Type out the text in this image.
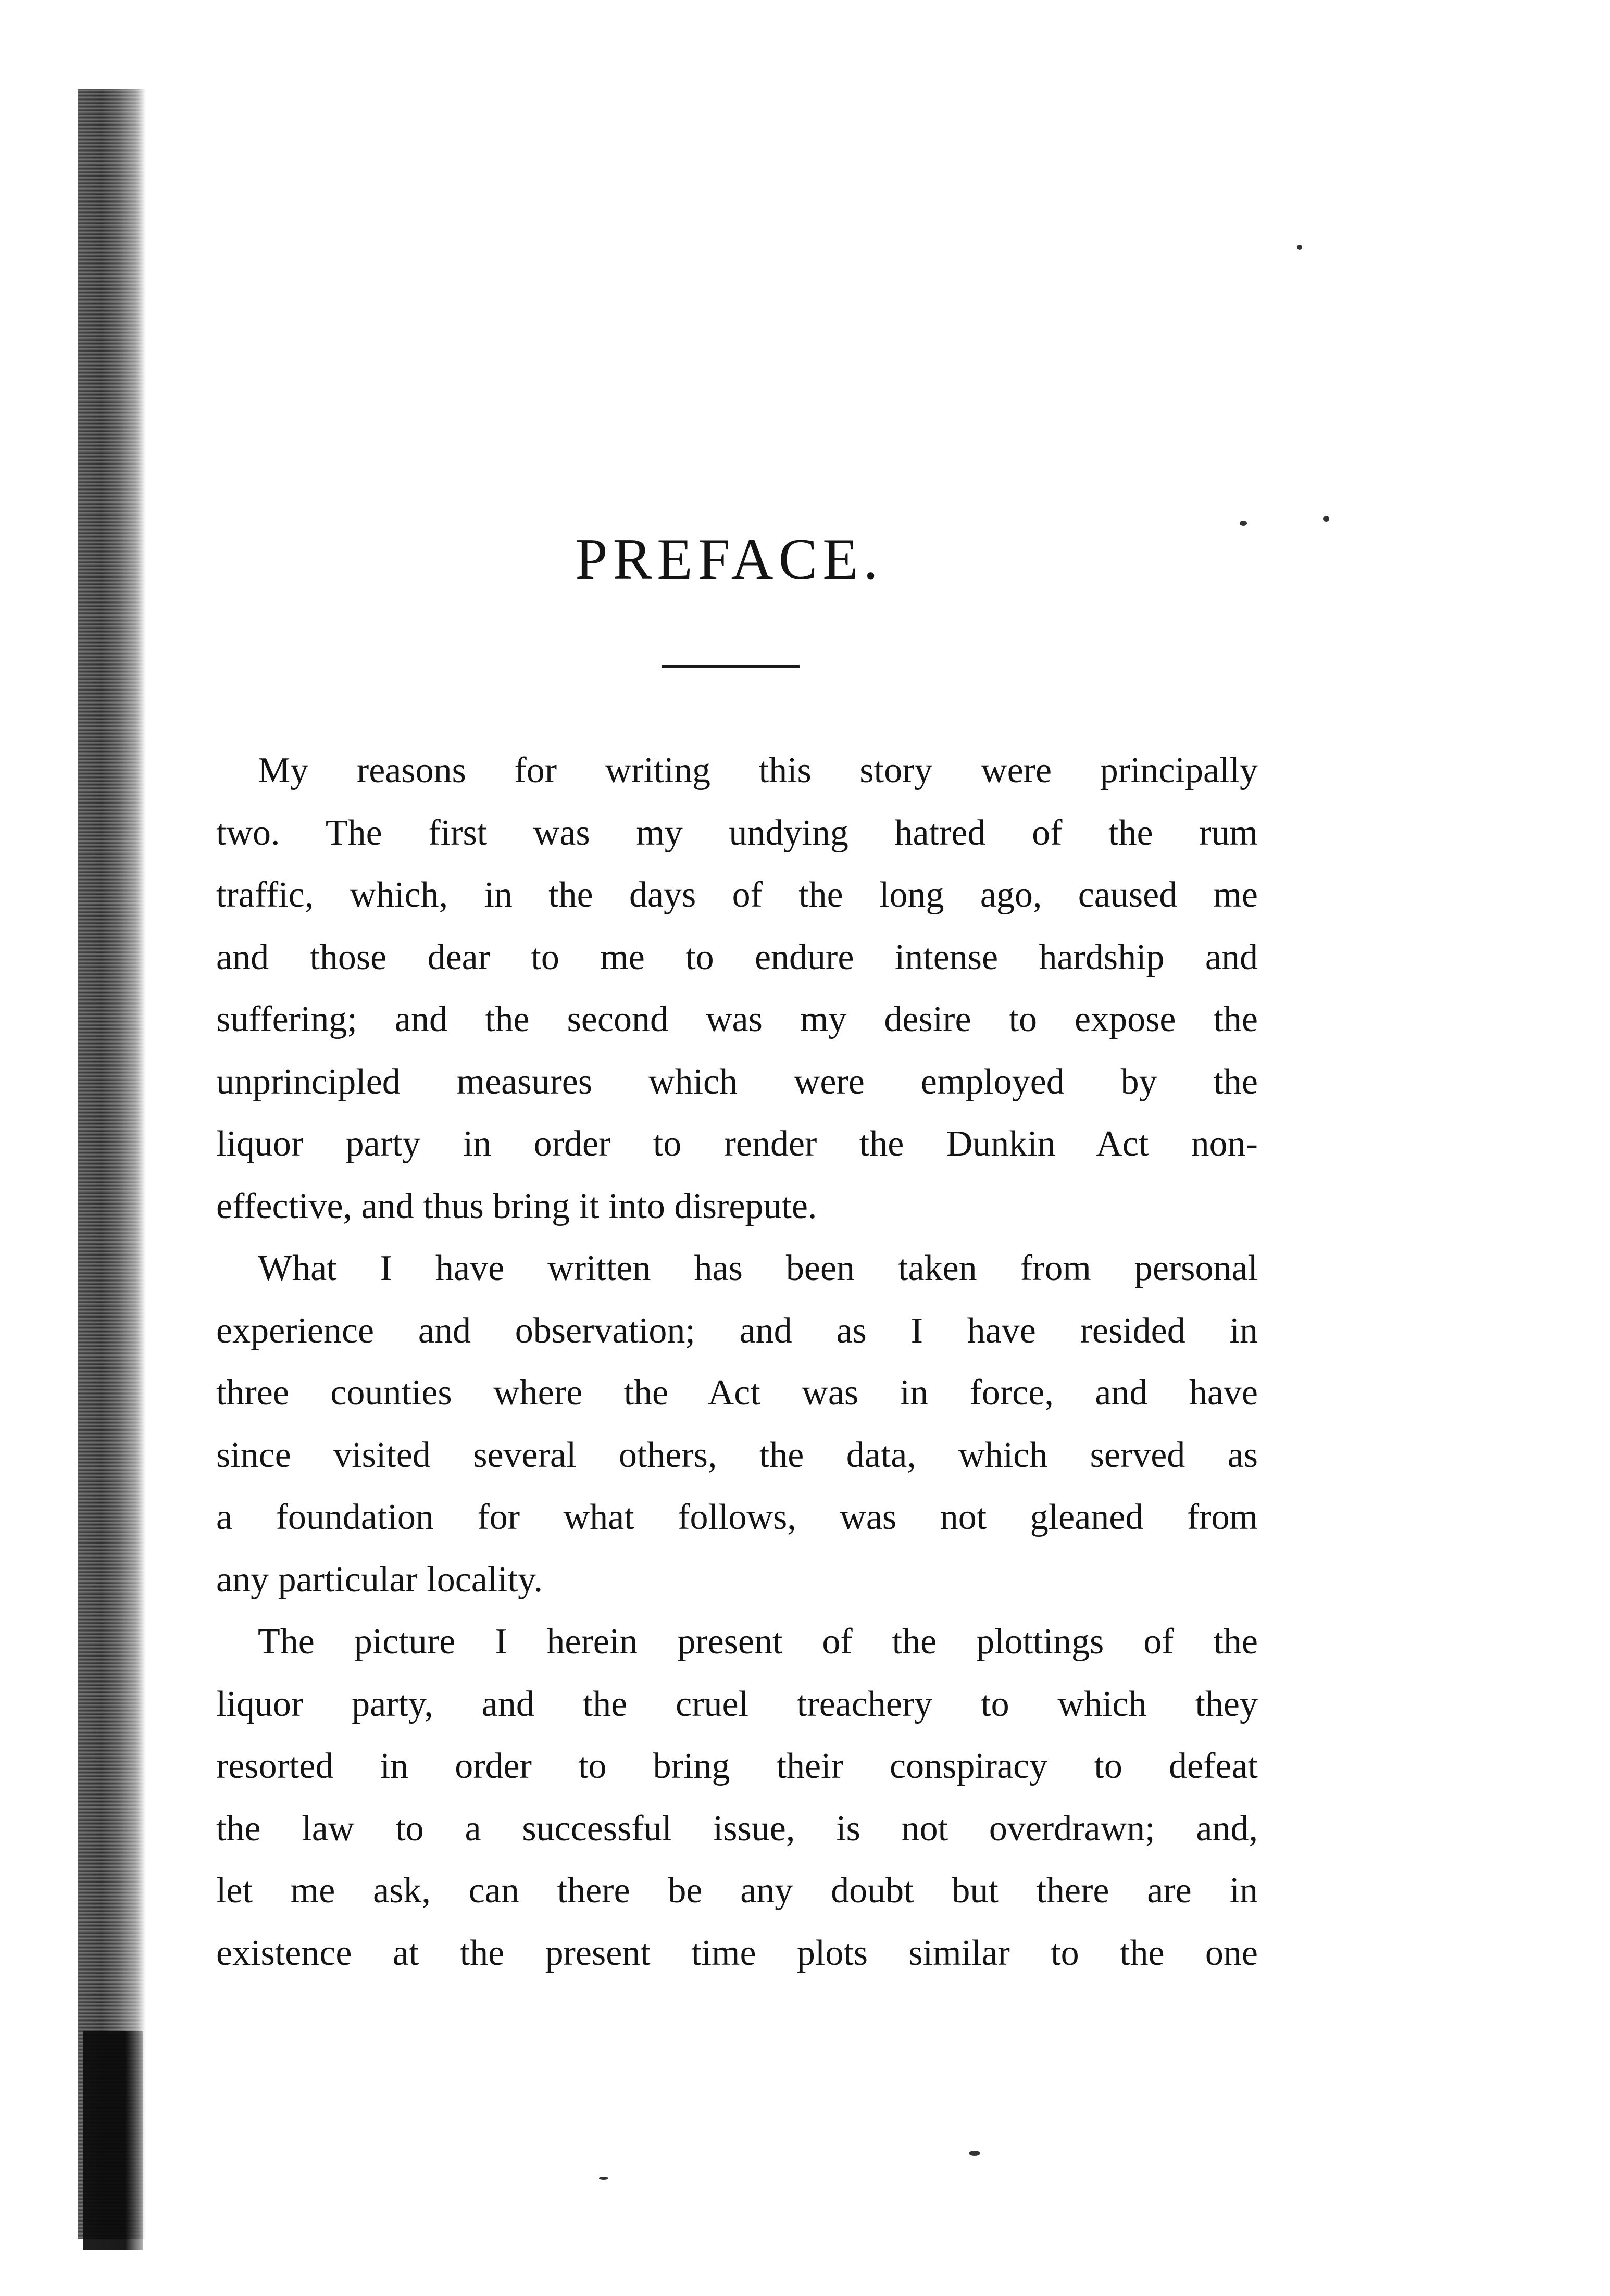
PREFACE.

My reasons for writing this story were principally
two. The first was my undying hatred of the rum
traffic, which, in the days of the long ago, caused me
and those dear to me to endure intense hardship and
suffering; and the second was my desire to expose the
unprincipled measures which were employed by the
liquor party in order to render the Dunkin Act non-
effective, and thus bring it into disrepute.

What I have written has been taken from personal
experience and observation; and as I have resided in
three counties where the Act was in force, and have
since visited several others, the data, which served as
a foundation for what follows, was not gleaned from
any particular locality.

The picture I herein present of the plottings of the
liquor party, and the cruel treachery to which they
resorted in order to bring their conspiracy to defeat
the law to a successful issue, is not overdrawn; and,
let me ask, can there be any doubt but there are in
existence at the present time plots similar to the one
